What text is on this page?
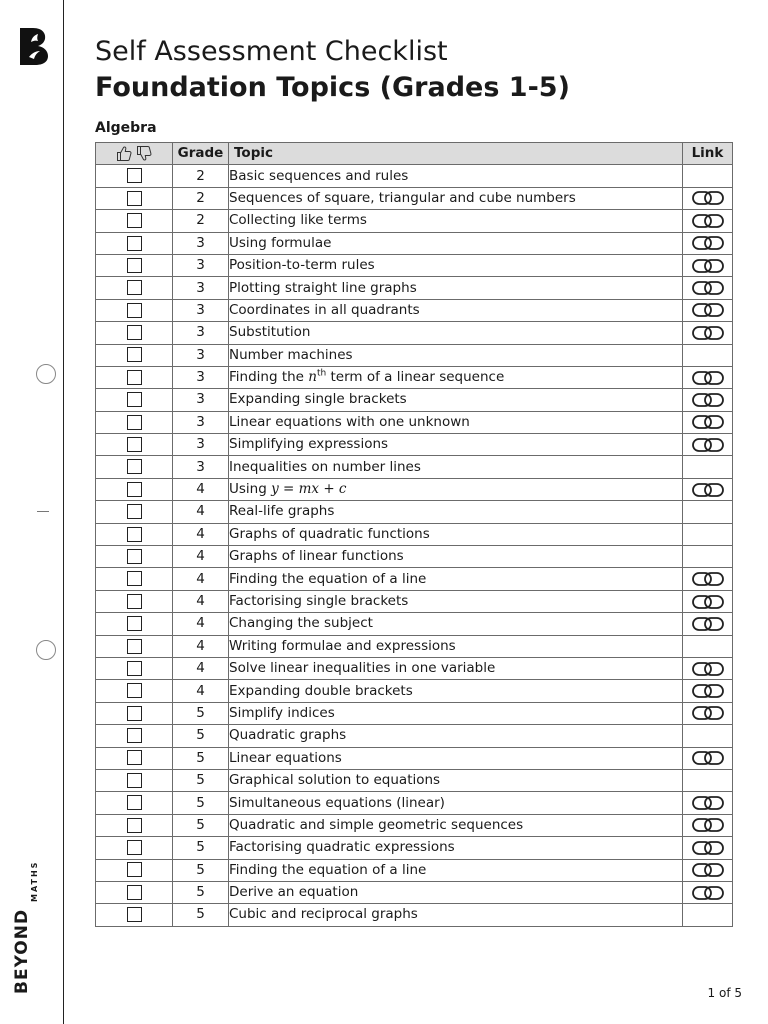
BEYOND
MATHS
Self Assessment Checklist
Foundation Topics (Grades 1-5)
Algebra
	Grade	Topic	Link
	2	Basic sequences and rules	
	2	Sequences of square, triangular and cube numbers	
	2	Collecting like terms	
	3	Using formulae	
	3	Position-to-term rules	
	3	Plotting straight line graphs	
	3	Coordinates in all quadrants	
	3	Substitution	
	3	Number machines	
	3	Finding the $n^{th}$ term of a linear sequence	
	3	Expanding single brackets	
	3	Linear equations with one unknown	
	3	Simplifying expressions	
	3	Inequalities on number lines	
	4	Using y = mx + c	
	4	Real-life graphs	
	4	Graphs of quadratic functions	
	4	Graphs of linear functions	
	4	Finding the equation of a line	
	4	Factorising single brackets	
	4	Changing the subject	
	4	Writing formulae and expressions	
	4	Solve linear inequalities in one variable	
	4	Expanding double brackets	
	5	Simplify indices	
	5	Quadratic graphs	
	5	Linear equations	
	5	Graphical solution to equations	
	5	Simultaneous equations (linear)	
	5	Quadratic and simple geometric sequences	
	5	Factorising quadratic expressions	
	5	Finding the equation of a line	
	5	Derive an equation	
	5	Cubic and reciprocal graphs	
1 of 5
